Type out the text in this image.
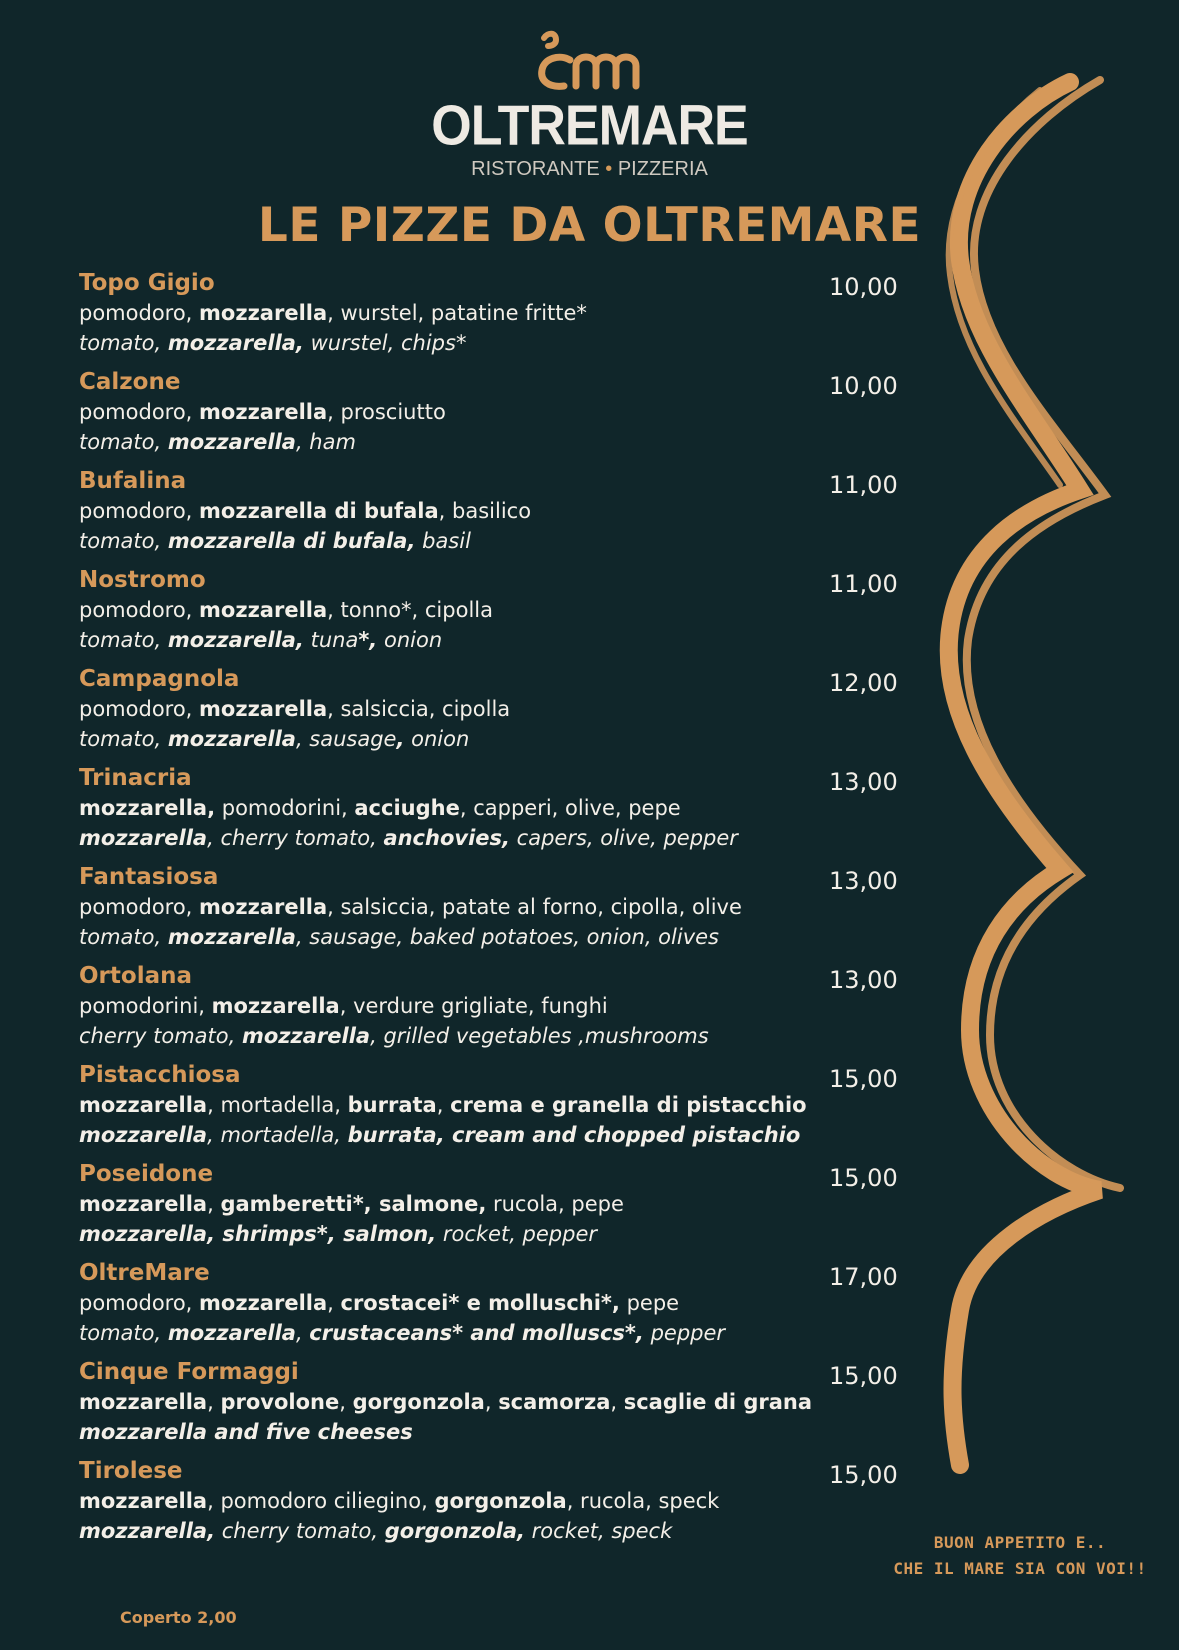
OLTREMARE
RISTORANTE • PIZZERIA
LE PIZZE DA OLTREMARE
Topo Gigio
pomodoro, mozzarella, wurstel, patatine fritte*
tomato, mozzarella, wurstel, chips*
10,00
Calzone
pomodoro, mozzarella, prosciutto
tomato, mozzarella, ham
10,00
Bufalina
pomodoro, mozzarella di bufala, basilico
tomato, mozzarella di bufala, basil
11,00
Nostromo
pomodoro, mozzarella, tonno*, cipolla
tomato, mozzarella, tuna*, onion
11,00
Campagnola
pomodoro, mozzarella, salsiccia, cipolla
tomato, mozzarella, sausage, onion
12,00
Trinacria
mozzarella, pomodorini, acciughe, capperi, olive, pepe
mozzarella, cherry tomato, anchovies, capers, olive, pepper
13,00
Fantasiosa
pomodoro, mozzarella, salsiccia, patate al forno, cipolla, olive
tomato, mozzarella, sausage, baked potatoes, onion, olives
13,00
Ortolana
pomodorini, mozzarella, verdure grigliate, funghi
cherry tomato, mozzarella, grilled vegetables ,mushrooms
13,00
Pistacchiosa
mozzarella, mortadella, burrata, crema e granella di pistacchio
mozzarella, mortadella, burrata, cream and chopped pistachio
15,00
Poseidone
mozzarella, gamberetti*, salmone, rucola, pepe
mozzarella, shrimps*, salmon, rocket, pepper
15,00
OltreMare
pomodoro, mozzarella, crostacei* e molluschi*, pepe
tomato, mozzarella, crustaceans* and molluscs*, pepper
17,00
Cinque Formaggi
mozzarella, provolone, gorgonzola, scamorza, scaglie di grana
mozzarella and five cheeses
15,00
Tirolese
mozzarella, pomodoro ciliegino, gorgonzola, rucola, speck
mozzarella, cherry tomato, gorgonzola, rocket, speck
15,00
BUON APPETITO E..
CHE IL MARE SIA CON VOI!!
Coperto 2,00
